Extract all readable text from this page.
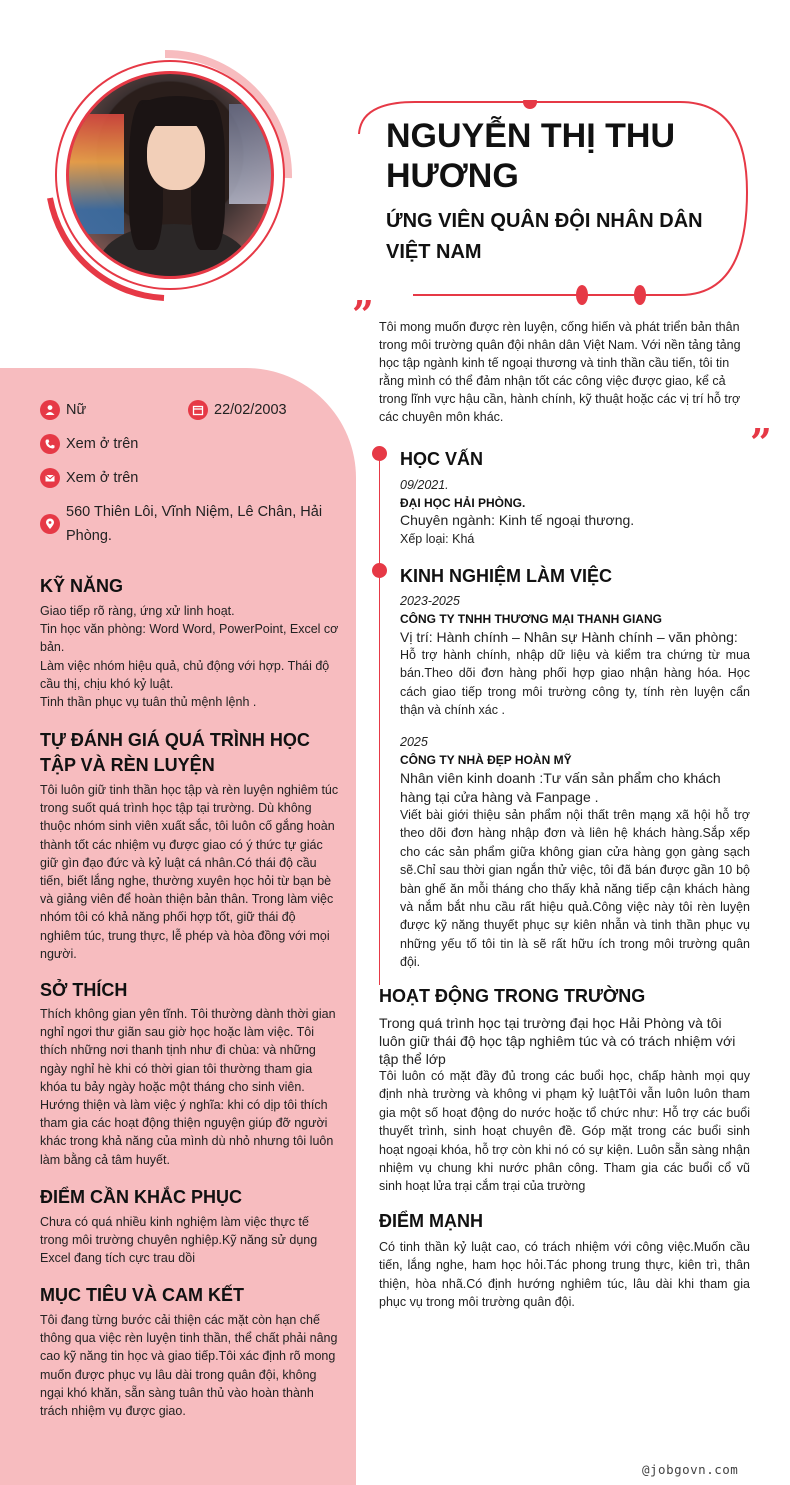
NGUYỄN THỊ THU HƯƠNG
ỨNG VIÊN QUÂN ĐỘI NHÂN DÂN VIỆT NAM
” Tôi mong muốn được rèn luyện, cống hiến và phát triển bản thân trong môi trường quân đội nhân dân Việt Nam. Với nền tảng tảng học tập ngành kinh tế ngoại thương và tinh thần cầu tiến, tôi tin rằng mình có thể đảm nhận tốt các công việc được giao, kể cả trong lĩnh vực hậu cần, hành chính, kỹ thuật hoặc các vị trí hỗ trợ các chuyên môn khác.
”
Nữ	22/02/2003
Xem ở trên
Xem ở trên
560 Thiên Lôi, Vĩnh Niệm, Lê Chân, Hải Phòng.
KỸ NĂNG
Giao tiếp rõ ràng, ứng xử linh hoạt.
Tin học văn phòng: Word Word, PowerPoint, Excel cơ bản.
Làm việc nhóm hiệu quả, chủ động với hợp. Thái độ cầu thị, chịu khó kỷ luật.
Tinh thần phục vụ tuân thủ mệnh lệnh .
TỰ ĐÁNH GIÁ QUÁ TRÌNH HỌC TẬP VÀ RÈN LUYỆN
Tôi luôn giữ tinh thần học tập và rèn luyện nghiêm túc trong suốt quá trình học tập tại trường. Dù không thuộc nhóm sinh viên xuất sắc, tôi luôn cố gắng hoàn thành tốt các nhiệm vụ được giao có ý thức tự giác giữ gìn đạo đức và kỷ luật cá nhân.Có thái độ cầu tiến, biết lắng nghe, thường xuyên học hỏi từ bạn bè và giảng viên để hoàn thiện bản thân. Trong làm việc nhóm tôi có khả năng phối hợp tốt, giữ thái độ nghiêm túc, trung thực, lễ phép và hòa đồng với mọi người.
SỞ THÍCH
Thích không gian yên tĩnh. Tôi thường dành thời gian nghỉ ngơi thư giãn sau giờ học hoặc làm việc. Tôi thích những nơi thanh tịnh như đi chùa: và những ngày nghỉ hè khi có thời gian tôi thường tham gia khóa tu bảy ngày hoặc một tháng cho sinh viên. Hướng thiện và làm việc ý nghĩa: khi có dịp tôi thích tham gia các hoạt động thiện nguyện giúp đỡ người khác trong khả năng của mình dù nhỏ nhưng tôi luôn làm bằng cả tâm huyết.
ĐIỂM CẦN KHẮC PHỤC
Chưa có quá nhiều kinh nghiệm làm việc thực tế trong môi trường chuyên nghiệp.Kỹ năng sử dụng Excel đang tích cực trau dồi
MỤC TIÊU VÀ CAM KẾT
Tôi đang từng bước cải thiện các mặt còn hạn chế thông qua việc rèn luyện tinh thần, thể chất phải nâng cao kỹ năng tin học và giao tiếp.Tôi xác định rõ mong muốn được phục vụ lâu dài trong quân đội, không ngại khó khăn, sẵn sàng tuân thủ vào hoàn thành trách nhiệm vụ được giao.
HỌC VẤN
09/2021.
ĐẠI HỌC HẢI PHÒNG.
Chuyên ngành: Kinh tế ngoại thương.
Xếp loại: Khá
KINH NGHIỆM LÀM VIỆC
2023-2025
CÔNG TY TNHH THƯƠNG MẠI THANH GIANG
Vị trí: Hành chính – Nhân sự Hành chính – văn phòng:
Hỗ trợ hành chính, nhập dữ liệu và kiểm tra chứng từ mua bán.Theo dõi đơn hàng phối hợp giao nhận hàng hóa. Học cách giao tiếp trong môi trường công ty, tính rèn luyện cẩn thận và chính xác .
2025
CÔNG TY NHÀ ĐẸP HOÀN MỸ
Nhân viên kinh doanh :Tư vấn sản phẩm cho khách hàng tại cửa hàng và Fanpage .
Viết bài giới thiệu sản phẩm nội thất trên mạng xã hội hỗ trợ theo dõi đơn hàng nhập đơn và liên hệ khách hàng.Sắp xếp cho các sản phẩm giữa không gian cửa hàng gọn gàng sạch sẽ.Chỉ sau thời gian ngắn thử việc, tôi đã bán được gần 10 bộ bàn ghế ăn mỗi tháng cho thấy khả năng tiếp cận khách hàng và nắm bắt nhu cầu rất hiệu quả.Công việc này tôi rèn luyện được kỹ năng thuyết phục sự kiên nhẫn và tinh thần phục vụ những yếu tố tôi tin là sẽ rất hữu ích trong môi trường quân đội.
HOẠT ĐỘNG TRONG TRƯỜNG
Trong quá trình học tại trường đại học Hải Phòng và tôi luôn giữ thái độ học tập nghiêm túc và có trách nhiệm với tập thể lớp
Tôi luôn có mặt đầy đủ trong các buổi học, chấp hành mọi quy định nhà trường và không vi phạm kỷ luậtTôi vẫn luôn luôn tham gia một số hoạt động do nước hoặc tổ chức như: Hỗ trợ các buổi thuyết trình, sinh hoạt chuyên đề. Góp mặt trong các buổi sinh hoạt ngoại khóa, hỗ trợ còn khi nó có sự kiện. Luôn sẵn sàng nhận nhiệm vụ chung khi nước phân công. Tham gia các buổi cổ vũ sinh hoạt lửa trại cắm trại của trường
ĐIỂM MẠNH
Có tinh thần kỷ luật cao, có trách nhiệm với công việc.Muốn cầu tiến, lắng nghe, ham học hỏi.Tác phong trung thực, kiên trì, thân thiện, hòa nhã.Có định hướng nghiêm túc, lâu dài khi tham gia phục vụ trong môi trường quân đội.
@jobgovn.com
